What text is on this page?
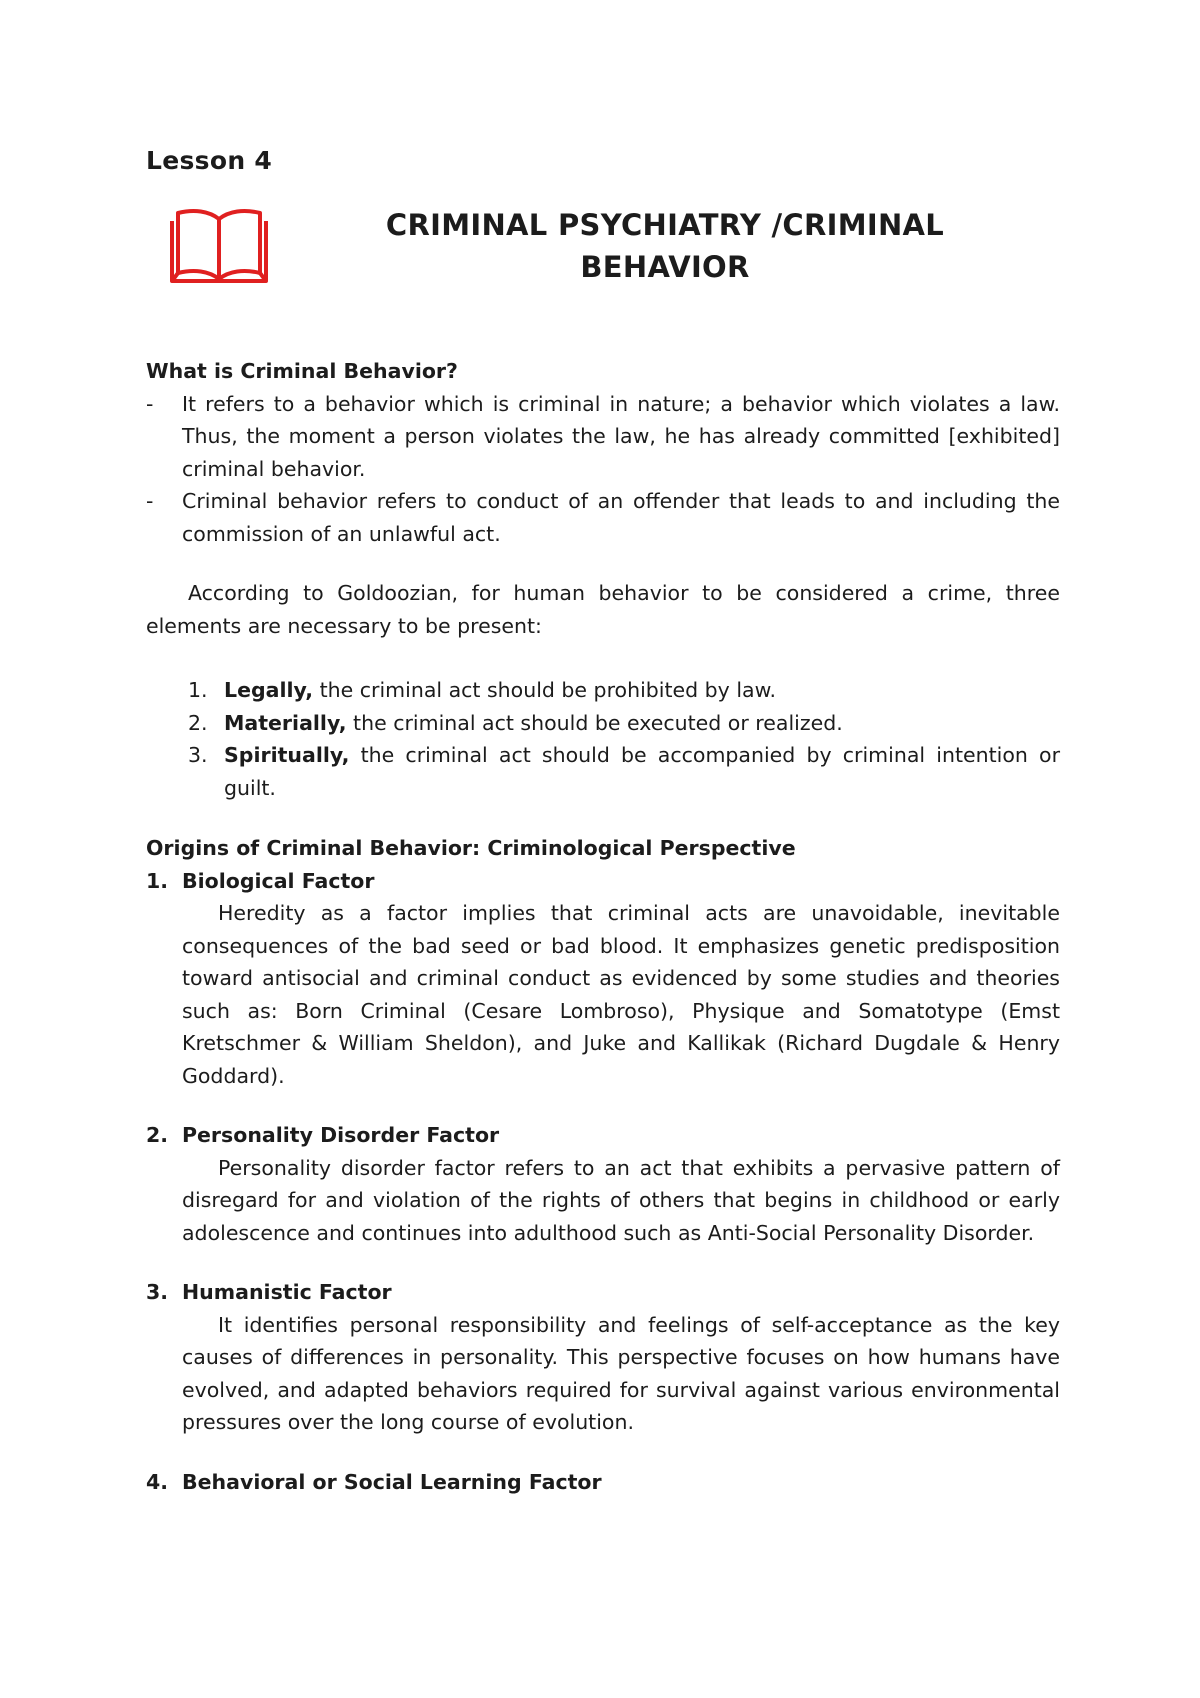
Lesson 4
CRIMINAL PSYCHIATRY /CRIMINAL
BEHAVIOR

What is Criminal Behavior?

- It refers to a behavior which is criminal in nature; a behavior which violates a law. Thus, the moment a person violates the law, he has already committed [exhibited] criminal behavior.
- Criminal behavior refers to conduct of an offender that leads to and including the commission of an unlawful act.

According to Goldoozian, for human behavior to be considered a crime, three elements are necessary to be present:

1. Legally, the criminal act should be prohibited by law.
2. Materially, the criminal act should be executed or realized.
3. Spiritually, the criminal act should be accompanied by criminal intention or guilt.

Origins of Criminal Behavior: Criminological Perspective

1. Biological Factor

Heredity as a factor implies that criminal acts are unavoidable, inevitable consequences of the bad seed or bad blood. It emphasizes genetic predisposition toward antisocial and criminal conduct as evidenced by some studies and theories such as: Born Criminal (Cesare Lombroso), Physique and Somatotype (Emst Kretschmer & William Sheldon), and Juke and Kallikak (Richard Dugdale & Henry Goddard).

2. Personality Disorder Factor

Personality disorder factor refers to an act that exhibits a pervasive pattern of disregard for and violation of the rights of others that begins in childhood or early adolescence and continues into adulthood such as Anti-Social Personality Disorder.

3. Humanistic Factor

It identifies personal responsibility and feelings of self-acceptance as the key causes of differences in personality. This perspective focuses on how humans have evolved, and adapted behaviors required for survival against various environmental pressures over the long course of evolution.

4. Behavioral or Social Learning Factor
